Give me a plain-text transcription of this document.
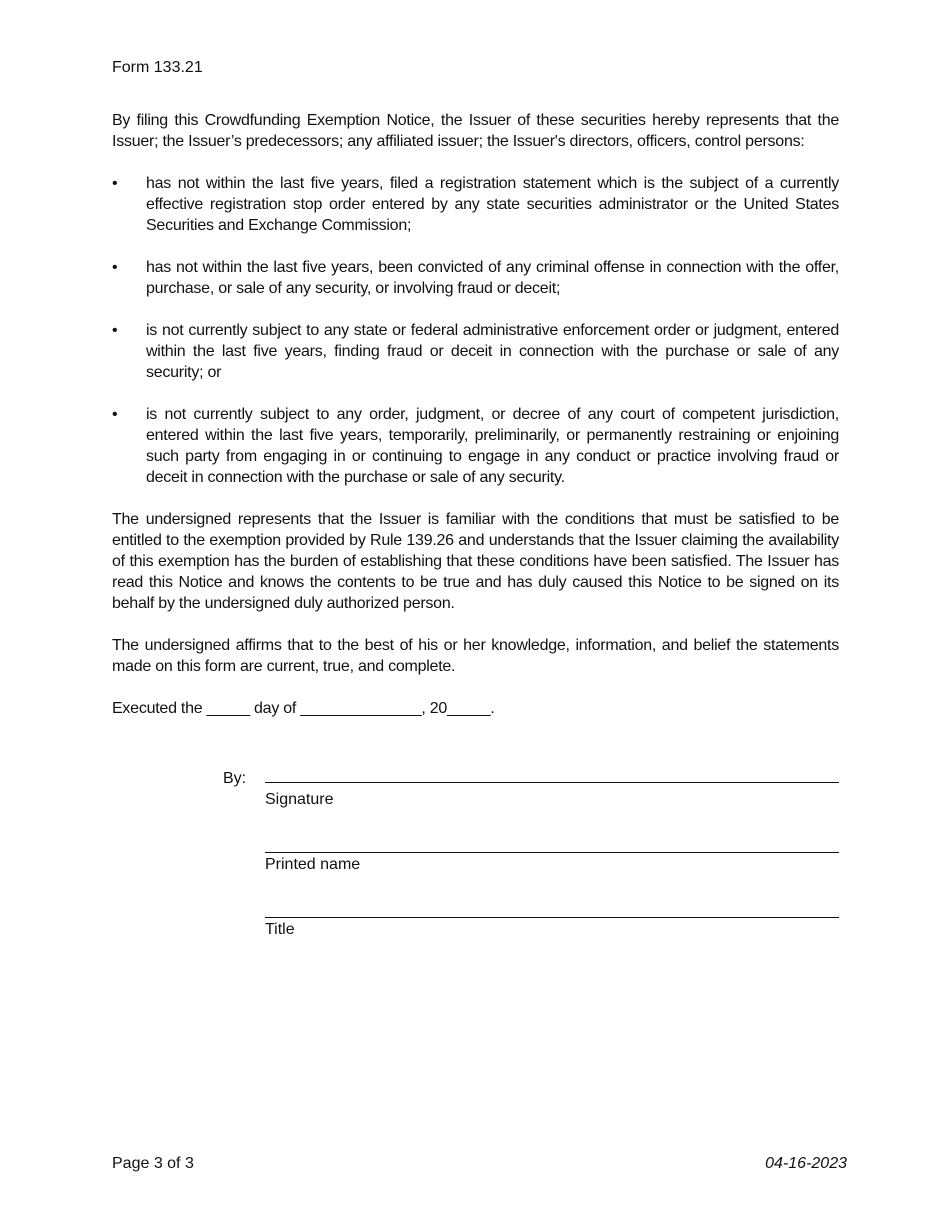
Form 133.21

By filing this Crowdfunding Exemption Notice, the Issuer of these securities hereby represents that the Issuer; the Issuer’s predecessors; any affiliated issuer; the Issuer's directors, officers, control persons:

• has not within the last five years, filed a registration statement which is the subject of a currently effective registration stop order entered by any state securities administrator or the United States Securities and Exchange Commission;
• has not within the last five years, been convicted of any criminal offense in connection with the offer, purchase, or sale of any security, or involving fraud or deceit;
• is not currently subject to any state or federal administrative enforcement order or judgment, entered within the last five years, finding fraud or deceit in connection with the purchase or sale of any security; or
• is not currently subject to any order, judgment, or decree of any court of competent jurisdiction, entered within the last five years, temporarily, preliminarily, or permanently restraining or enjoining such party from engaging in or continuing to engage in any conduct or practice involving fraud or deceit in connection with the purchase or sale of any security.

The undersigned represents that the Issuer is familiar with the conditions that must be satisfied to be entitled to the exemption provided by Rule 139.26 and understands that the Issuer claiming the availability of this exemption has the burden of establishing that these conditions have been satisfied. The Issuer has read this Notice and knows the contents to be true and has duly caused this Notice to be signed on its behalf by the undersigned duly authorized person.

The undersigned affirms that to the best of his or her knowledge, information, and belief the statements made on this form are current, true, and complete.

Executed the _____ day of ______________, 20_____.

By:
Signature
Printed name
Title
Page 3 of 3	04-16-2023
